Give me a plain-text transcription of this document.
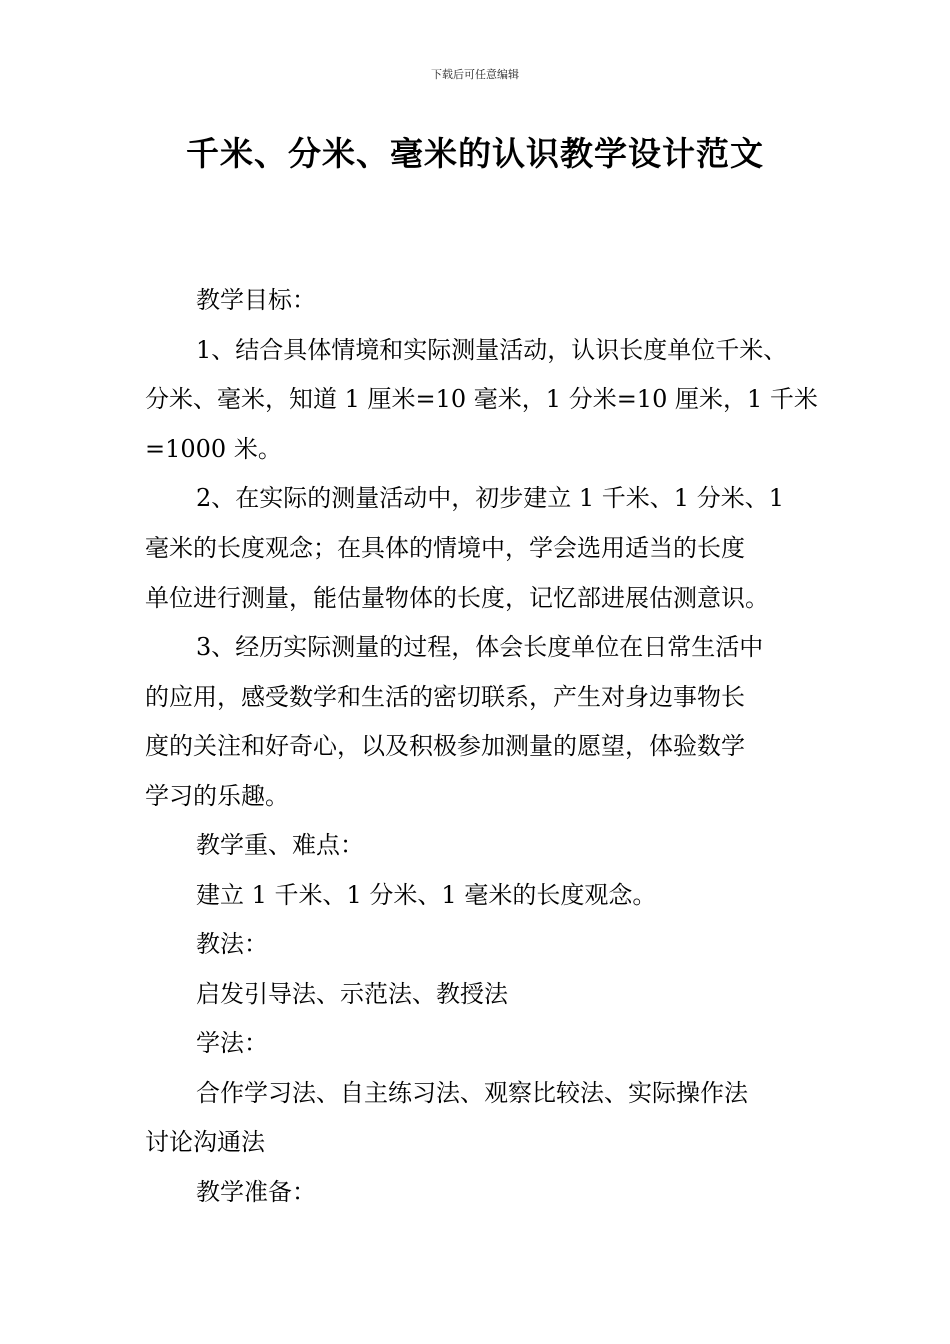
下载后可任意编辑
千米、分米、毫米的认识教学设计范文
教学目标：
1、结合具体情境和实际测量活动，认识长度单位千米、
分米、毫米，知道 1 厘米=10 毫米，1 分米=10 厘米，1 千米
=1000 米。
2、在实际的测量活动中，初步建立 1 千米、1 分米、1
毫米的长度观念；在具体的情境中，学会选用适当的长度
单位进行测量，能估量物体的长度，记忆部进展估测意识。
3、经历实际测量的过程，体会长度单位在日常生活中
的应用，感受数学和生活的密切联系，产生对身边事物长
度的关注和好奇心，以及积极参加测量的愿望，体验数学
学习的乐趣。
教学重、难点：
建立 1 千米、1 分米、1 毫米的长度观念。
教法：
启发引导法、示范法、教授法
学法：
合作学习法、自主练习法、观察比较法、实际操作法
讨论沟通法
教学准备：
